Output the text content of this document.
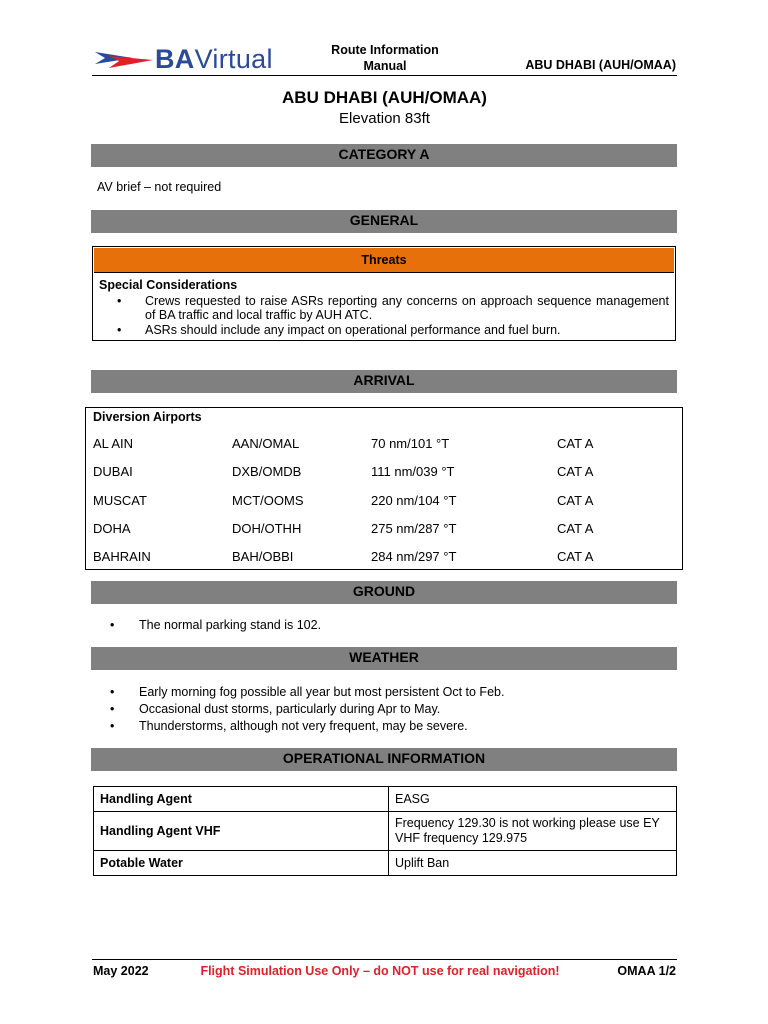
BAVirtual	Route Information
Manual	ABU DHABI (AUH/OMAA)
ABU DHABI (AUH/OMAA)
Elevation 83ft
CATEGORY A
AV brief – not required
GENERAL
Threats
Special Considerations
•	Crews requested to raise ASRs reporting any concerns on approach sequence management of BA traffic and local traffic by AUH ATC.
•	ASRs should include any impact on operational performance and fuel burn.
ARRIVAL
Diversion Airports
AL AIN	AAN/OMAL	70 nm/101 °T	CAT A
DUBAI	DXB/OMDB	111 nm/039 °T	CAT A
MUSCAT	MCT/OOMS	220 nm/104 °T	CAT A
DOHA	DOH/OTHH	275 nm/287 °T	CAT A
BAHRAIN	BAH/OBBI	284 nm/297 °T	CAT A
GROUND
•	The normal parking stand is 102.
WEATHER
•	Early morning fog possible all year but most persistent Oct to Feb.
•	Occasional dust storms, particularly during Apr to May.
•	Thunderstorms, although not very frequent, may be severe.
OPERATIONAL INFORMATION
Handling Agent	EASG
Handling Agent VHF	Frequency 129.30 is not working please use EY VHF frequency 129.975
Potable Water	Uplift Ban
May 2022	Flight Simulation Use Only – do NOT use for real navigation!	OMAA 1/2
